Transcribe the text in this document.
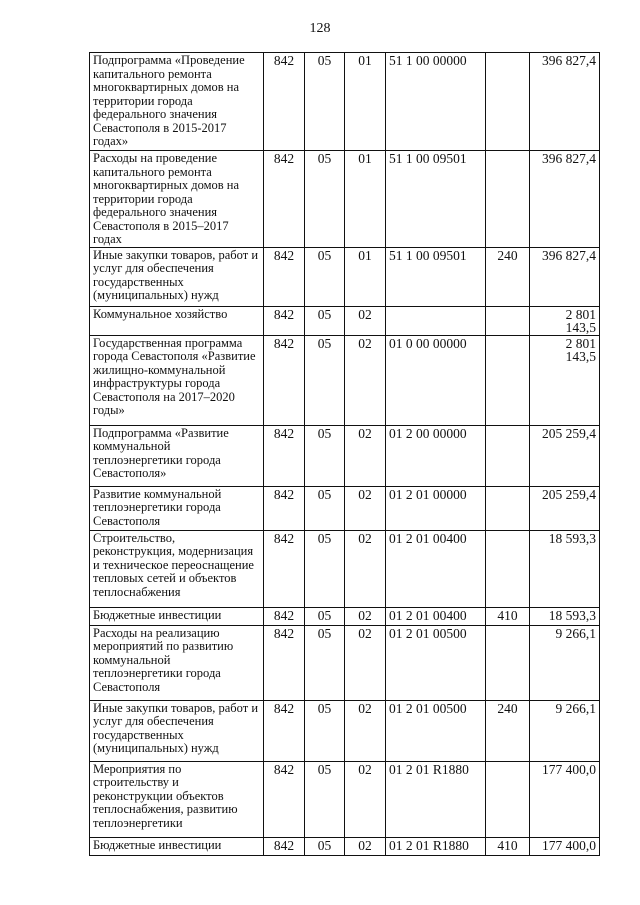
128
Подпрограмма «Проведение капитального ремонта многоквартирных домов на территории города федерального значения Севастополя в 2015-2017 годах»	842	05	01	51 1 00 00000		396 827,4
Расходы на проведение капитального ремонта многоквартирных домов на территории города федерального значения Севастополя в 2015–2017 годах	842	05	01	51 1 00 09501		396 827,4
Иные закупки товаров, работ и услуг для обеспечения государственных (муниципальных) нужд	842	05	01	51 1 00 09501	240	396 827,4
Коммунальное хозяйство	842	05	02			2 801 143,5
Государственная программа города Севастополя «Развитие жилищно-коммунальной инфраструктуры города Севастополя на 2017–2020 годы»	842	05	02	01 0 00 00000		2 801 143,5
Подпрограмма «Развитие коммунальной теплоэнергетики города Севастополя»	842	05	02	01 2 00 00000		205 259,4
Развитие коммунальной теплоэнергетики города Севастополя	842	05	02	01 2 01 00000		205 259,4
Строительство, реконструкция, модернизация и техническое переоснащение тепловых сетей и объектов теплоснабжения	842	05	02	01 2 01 00400		18 593,3
Бюджетные инвестиции	842	05	02	01 2 01 00400	410	18 593,3
Расходы на реализацию мероприятий по развитию коммунальной теплоэнергетики города Севастополя	842	05	02	01 2 01 00500		9 266,1
Иные закупки товаров, работ и услуг для обеспечения государственных (муниципальных) нужд	842	05	02	01 2 01 00500	240	9 266,1
Мероприятия по строительству и реконструкции объектов теплоснабжения, развитию теплоэнергетики	842	05	02	01 2 01 R1880		177 400,0
Бюджетные инвестиции	842	05	02	01 2 01 R1880	410	177 400,0
